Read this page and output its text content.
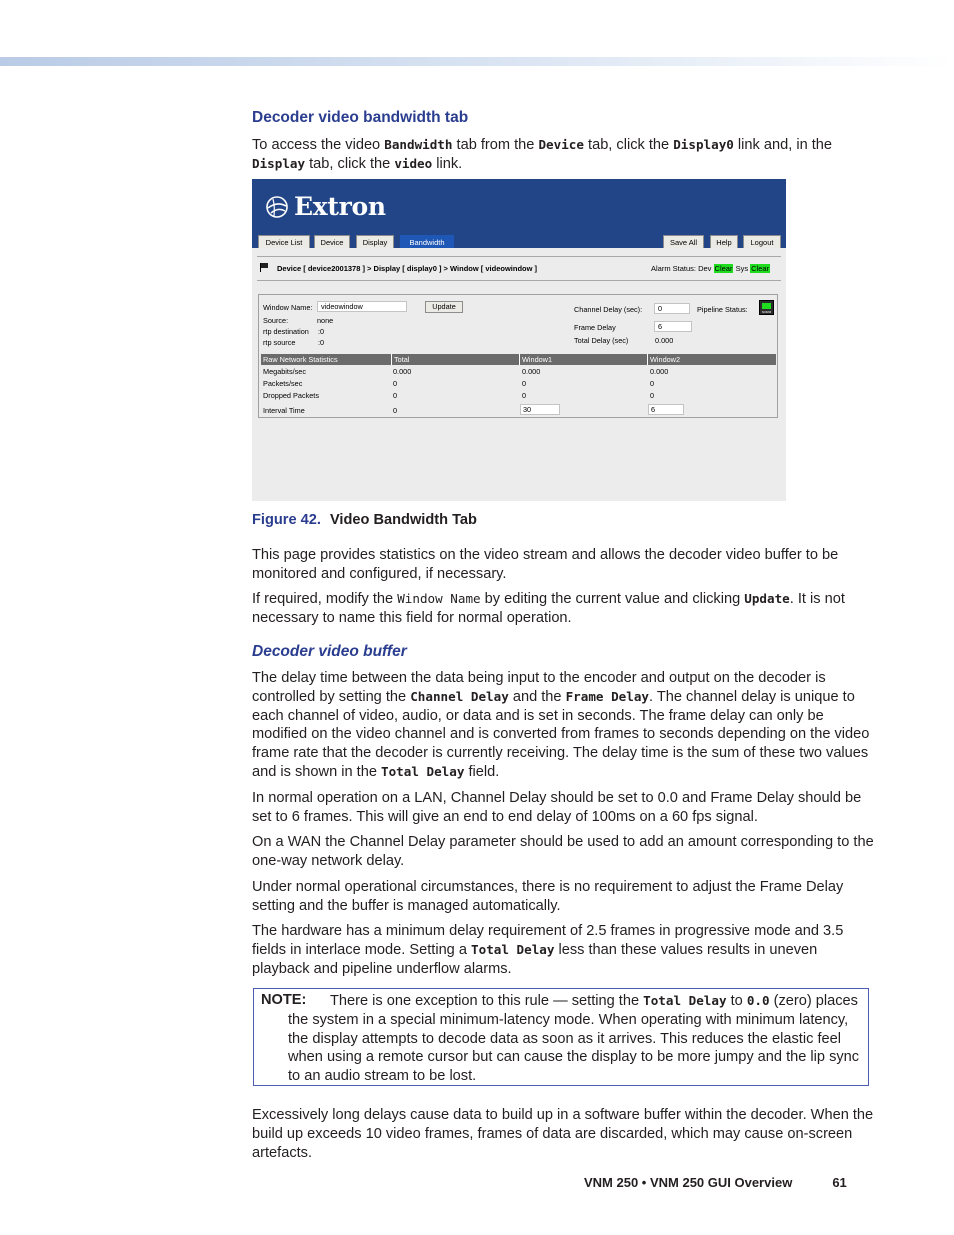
Decoder video bandwidth tab

To access the video Bandwidth tab from the Device tab, click the Display0 link and, in the Display tab, click the video link.

Extron
Device List	Device	Display	Bandwidth	Save All	Help	Logout
Device [ device2001378 ] > Display [ display0 ] > Window [ videowindow ]	Alarm Status: Dev Clear Sys Clear
Window Name:	videowindow	Update
Source:	none
rtp destination :0
rtp source	:0
Channel Delay (sec):	0
Frame Delay	6
Total Delay (sec)	0.000
Pipeline Status:	NORM
Raw Network Statistics	Total	Window1	Window2
Megabits/sec	0.000	0.000	0.000
Packets/sec	0	0	0
Dropped Packets	0	0	0
Interval Time	0	30	6
Figure 42. Video Bandwidth Tab

This page provides statistics on the video stream and allows the decoder video buffer to be monitored and configured, if necessary.

If required, modify the Window Name by editing the current value and clicking Update. It is not necessary to name this field for normal operation.

Decoder video buffer

The delay time between the data being input to the encoder and output on the decoder is controlled by setting the Channel Delay and the Frame Delay. The channel delay is unique to each channel of video, audio, or data and is set in seconds. The frame delay can only be modified on the video channel and is converted from frames to seconds depending on the video frame rate that the decoder is currently receiving. The delay time is the sum of these two values and is shown in the Total Delay field.

In normal operation on a LAN, Channel Delay should be set to 0.0 and Frame Delay should be set to 6 frames. This will give an end to end delay of 100ms on a 60 fps signal.

On a WAN the Channel Delay parameter should be used to add an amount corresponding to the one-way network delay.

Under normal operational circumstances, there is no requirement to adjust the Frame Delay setting and the buffer is managed automatically.

The hardware has a minimum delay requirement of 2.5 frames in progressive mode and 3.5 fields in interlace mode. Setting a Total Delay less than these values results in uneven playback and pipeline underflow alarms.

NOTE:	There is one exception to this rule — setting the Total Delay to 0.0 (zero) places the system in a special minimum-latency mode. When operating with minimum latency, the display attempts to decode data as soon as it arrives. This reduces the elastic feel when using a remote cursor but can cause the display to be more jumpy and the lip sync to an audio stream to be lost.

Excessively long delays cause data to build up in a software buffer within the decoder. When the build up exceeds 10 video frames, frames of data are discarded, which may cause on-screen artefacts.

VNM 250 • VNM 250 GUI Overview	61
